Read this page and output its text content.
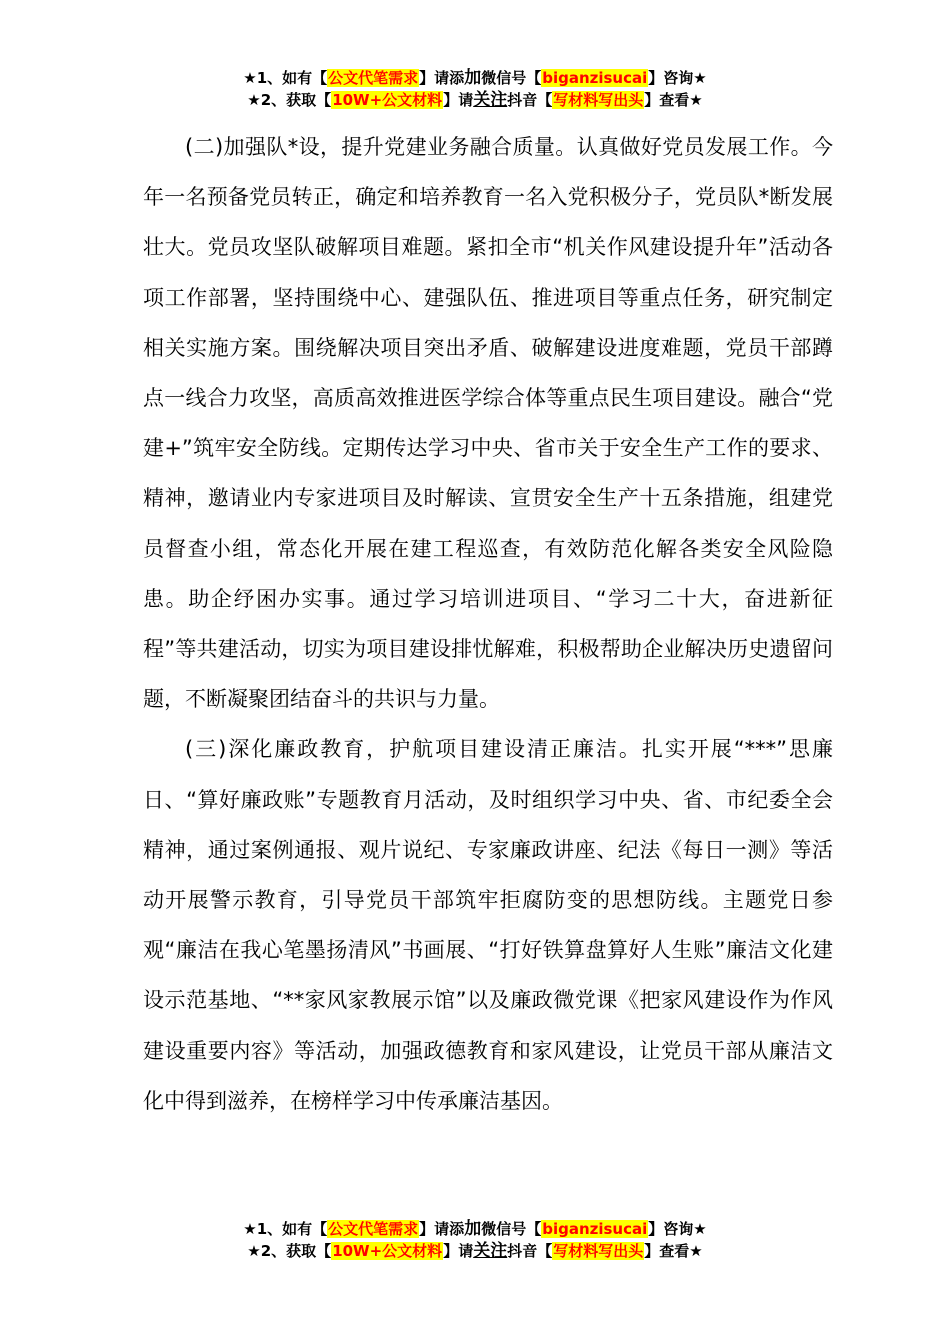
★1、如有【公文代笔需求】请添加微信号【biganzisucai】咨询★
★2、获取【10W+公文材料】请关注抖音【写材料写出头】查看★

(二)加强队*设，提升党建业务融合质量。认真做好党员发展工作。今年一名预备党员转正，确定和培养教育一名入党积极分子，党员队*断发展壮大。党员攻坚队破解项目难题。紧扣全市“机关作风建设提升年”活动各项工作部署，坚持围绕中心、建强队伍、推进项目等重点任务，研究制定相关实施方案。围绕解决项目突出矛盾、破解建设进度难题，党员干部蹲点一线合力攻坚，高质高效推进医学综合体等重点民生项目建设。融合“党建+”筑牢安全防线。定期传达学习中央、省市关于安全生产工作的要求、精神，邀请业内专家进项目及时解读、宣贯安全生产十五条措施，组建党员督查小组，常态化开展在建工程巡查，有效防范化解各类安全风险隐患。助企纾困办实事。通过学习培训进项目、“学习二十大，奋进新征程”等共建活动，切实为项目建设排忧解难，积极帮助企业解决历史遗留问题，不断凝聚团结奋斗的共识与力量。

(三)深化廉政教育，护航项目建设清正廉洁。扎实开展“***”思廉日、“算好廉政账”专题教育月活动，及时组织学习中央、省、市纪委全会精神，通过案例通报、观片说纪、专家廉政讲座、纪法《每日一测》等活动开展警示教育，引导党员干部筑牢拒腐防变的思想防线。主题党日参观“廉洁在我心笔墨扬清风”书画展、“打好铁算盘算好人生账”廉洁文化建设示范基地、“**家风家教展示馆”以及廉政微党课《把家风建设作为作风建设重要内容》等活动，加强政德教育和家风建设，让党员干部从廉洁文化中得到滋养，在榜样学习中传承廉洁基因。

★1、如有【公文代笔需求】请添加微信号【biganzisucai】咨询★
★2、获取【10W+公文材料】请关注抖音【写材料写出头】查看★
